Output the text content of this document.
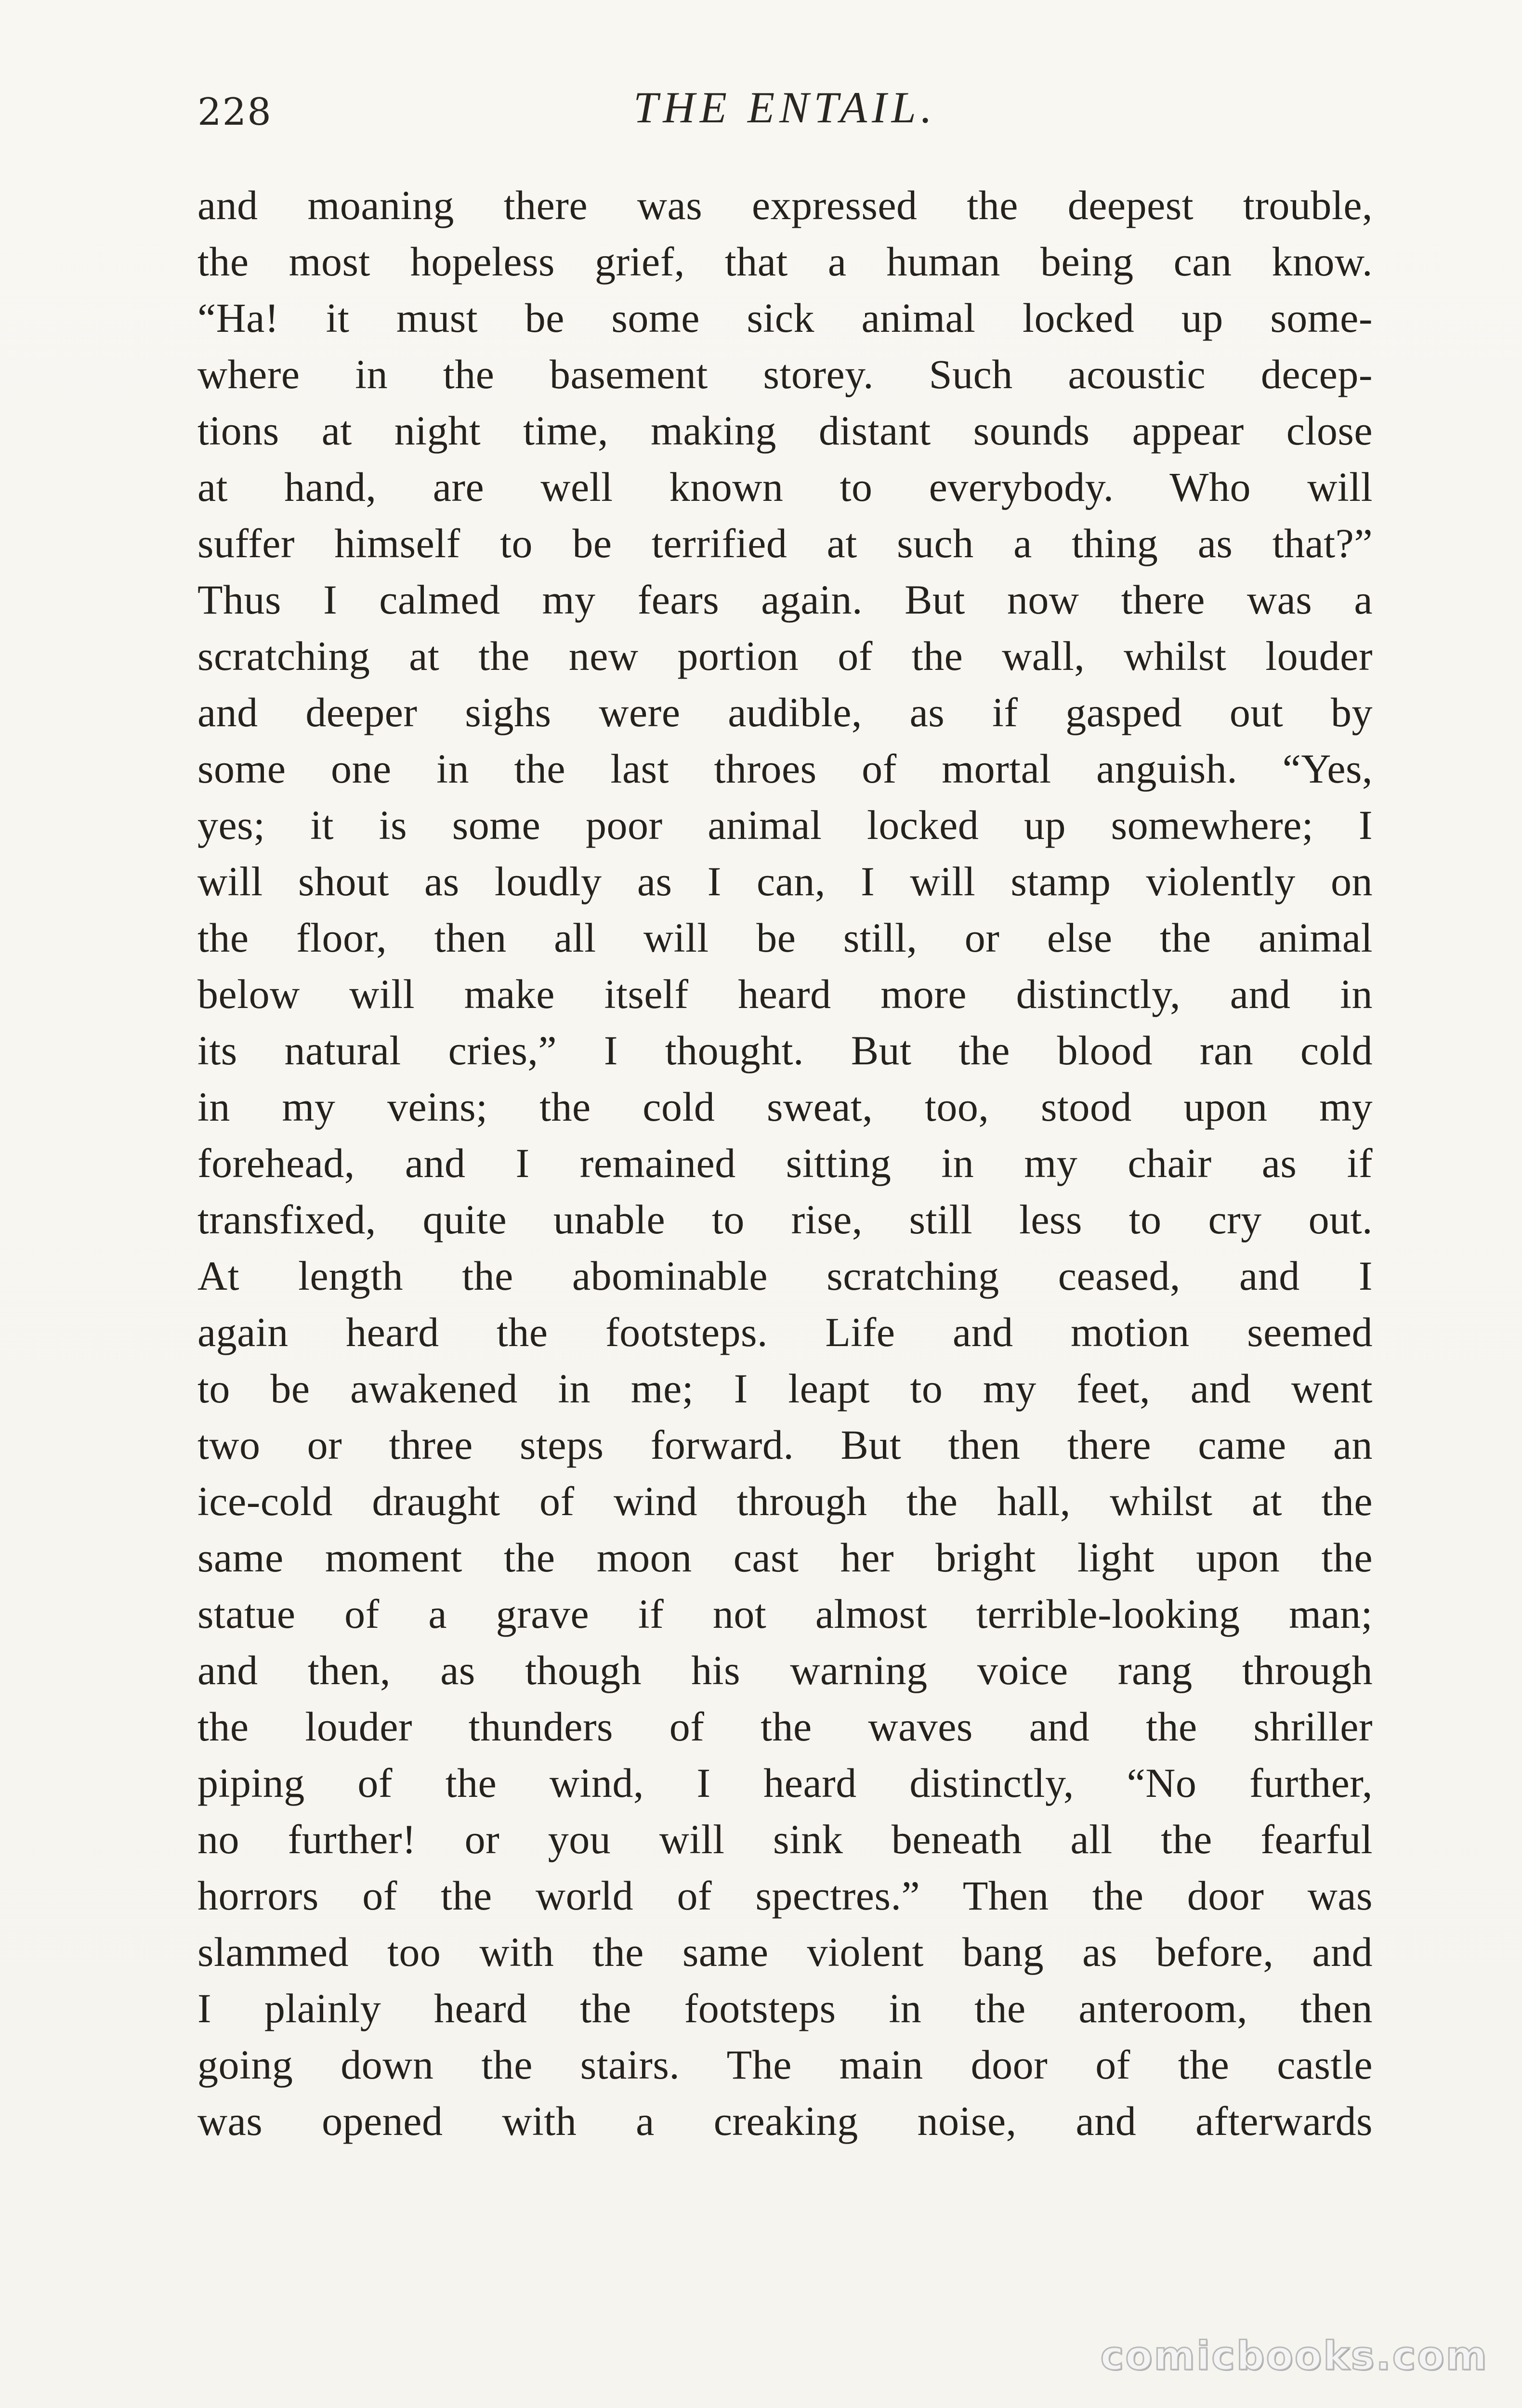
228	THE ENTAIL.
and moaning there was expressed the deepest trouble,
the most hopeless grief, that a human being can know.
“Ha! it must be some sick animal locked up some-
where in the basement storey. Such acoustic decep-
tions at night time, making distant sounds appear close
at hand, are well known to everybody. Who will
suffer himself to be terrified at such a thing as that?”
Thus I calmed my fears again. But now there was a
scratching at the new portion of the wall, whilst louder
and deeper sighs were audible, as if gasped out by
some one in the last throes of mortal anguish. “Yes,
yes; it is some poor animal locked up somewhere; I
will shout as loudly as I can, I will stamp violently on
the floor, then all will be still, or else the animal
below will make itself heard more distinctly, and in
its natural cries,” I thought. But the blood ran cold
in my veins; the cold sweat, too, stood upon my
forehead, and I remained sitting in my chair as if
transfixed, quite unable to rise, still less to cry out.
At length the abominable scratching ceased, and I
again heard the footsteps. Life and motion seemed
to be awakened in me; I leapt to my feet, and went
two or three steps forward. But then there came an
ice-cold draught of wind through the hall, whilst at the
same moment the moon cast her bright light upon the
statue of a grave if not almost terrible-looking man;
and then, as though his warning voice rang through
the louder thunders of the waves and the shriller
piping of the wind, I heard distinctly, “No further,
no further! or you will sink beneath all the fearful
horrors of the world of spectres.” Then the door was
slammed too with the same violent bang as before, and
I plainly heard the footsteps in the anteroom, then
going down the stairs. The main door of the castle
was opened with a creaking noise, and afterwards
comicbooks.com
